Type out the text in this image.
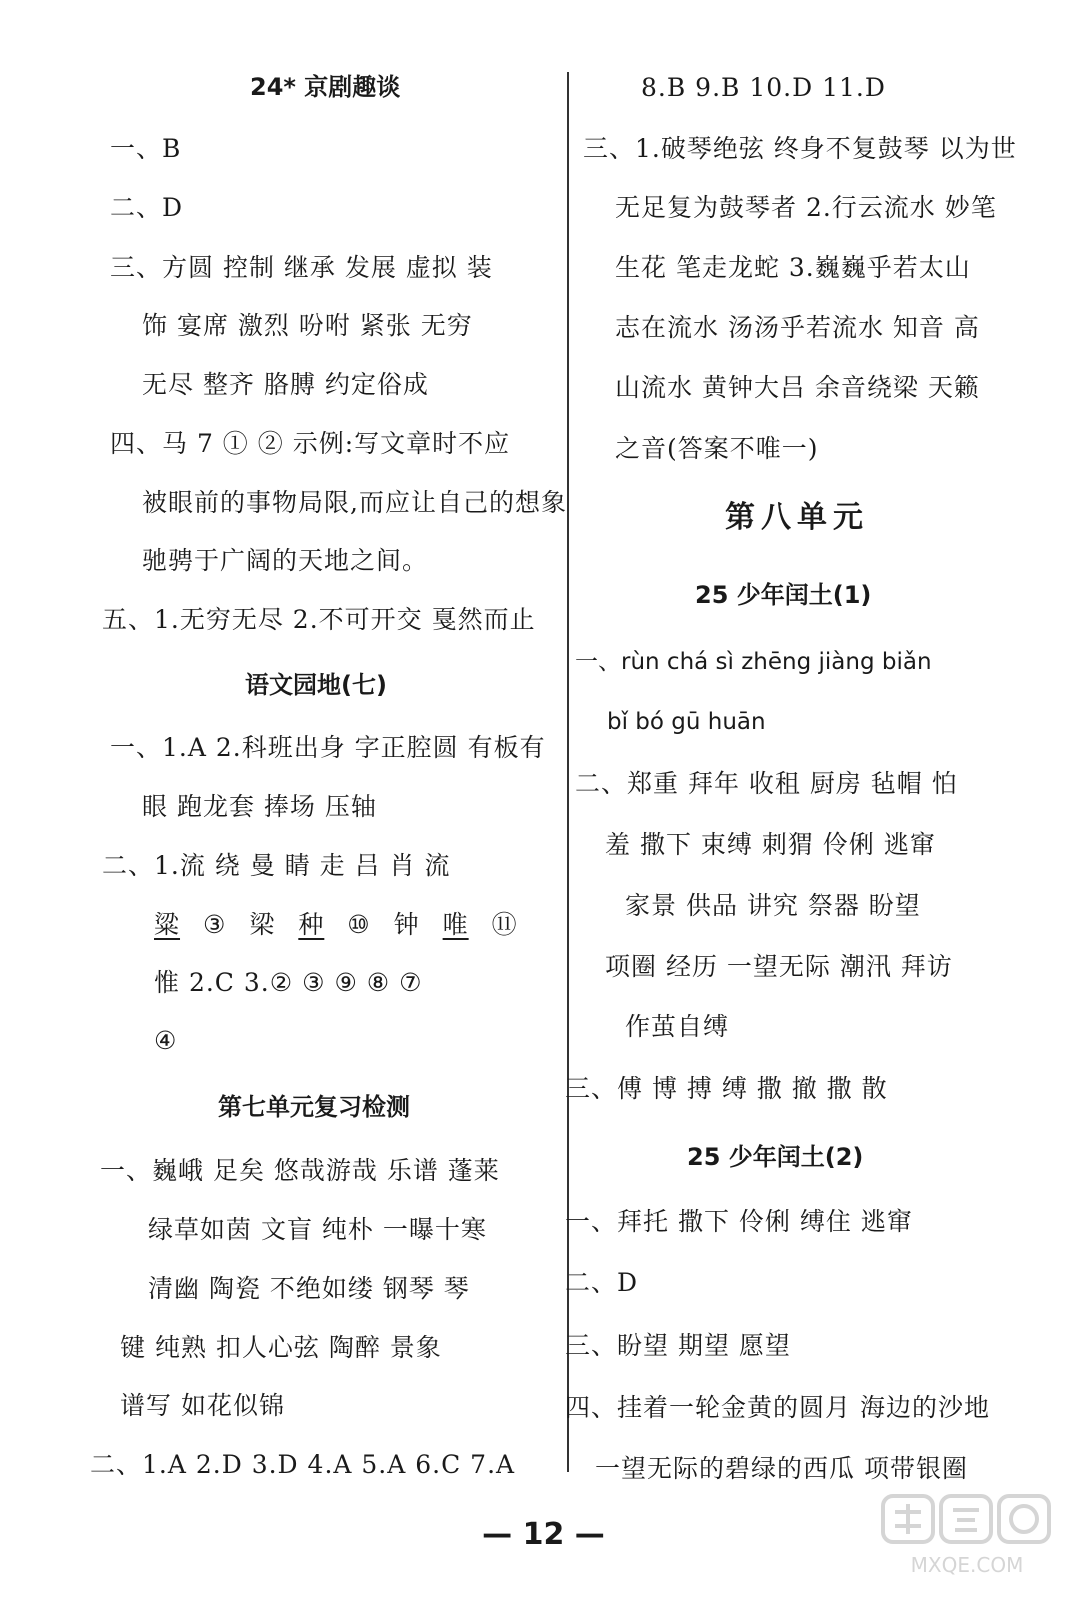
24* 京剧趣谈
一、B
二、D
三、方圆 控制 继承 发展 虚拟 装
饰 宴席 激烈 吩咐 紧张 无穷
无尽 整齐 胳膊 约定俗成
四、马 7 ① ② 示例:写文章时不应
被眼前的事物局限,而应让自己的想象
驰骋于广阔的天地之间。
五、1.无穷无尽 2.不可开交 戛然而止
语文园地(七)
一、1.A 2.科班出身 字正腔圆 有板有
眼 跑龙套 捧场 压轴
二、1.流 绕 曼 睛 走 吕 肖 流
粱 ③ 梁 种 ⑩ 钟 唯 ⑪
惟 2.C 3.② ③ ⑨ ⑧ ⑦
④
第七单元复习检测
一、巍峨 足矣 悠哉游哉 乐谱 蓬莱
绿草如茵 文盲 纯朴 一曝十寒
清幽 陶瓷 不绝如缕 钢琴 琴
键 纯熟 扣人心弦 陶醉 景象
谱写 如花似锦
二、1.A 2.D 3.D 4.A 5.A 6.C 7.A
8.B 9.B 10.D 11.D
三、1.破琴绝弦 终身不复鼓琴 以为世
无足复为鼓琴者 2.行云流水 妙笔
生花 笔走龙蛇 3.巍巍乎若太山
志在流水 汤汤乎若流水 知音 高
山流水 黄钟大吕 余音绕梁 天籁
之音(答案不唯一)
第八单元
25 少年闰土(1)
一、rùn chá sì zhēng jiàng biǎn
bǐ bó gū huān
二、郑重 拜年 收租 厨房 毡帽 怕
羞 撒下 束缚 刺猬 伶俐 逃窜
家景 供品 讲究 祭器 盼望
项圈 经历 一望无际 潮汛 拜访
作茧自缚
三、傅 博 搏 缚 撒 撤 撒 散
25 少年闰土(2)
一、拜托 撒下 伶俐 缚住 逃窜
二、D
三、盼望 期望 愿望
四、挂着一轮金黄的圆月 海边的沙地
一望无际的碧绿的西瓜 项带银圈
— 12 —
MXQE.COM
